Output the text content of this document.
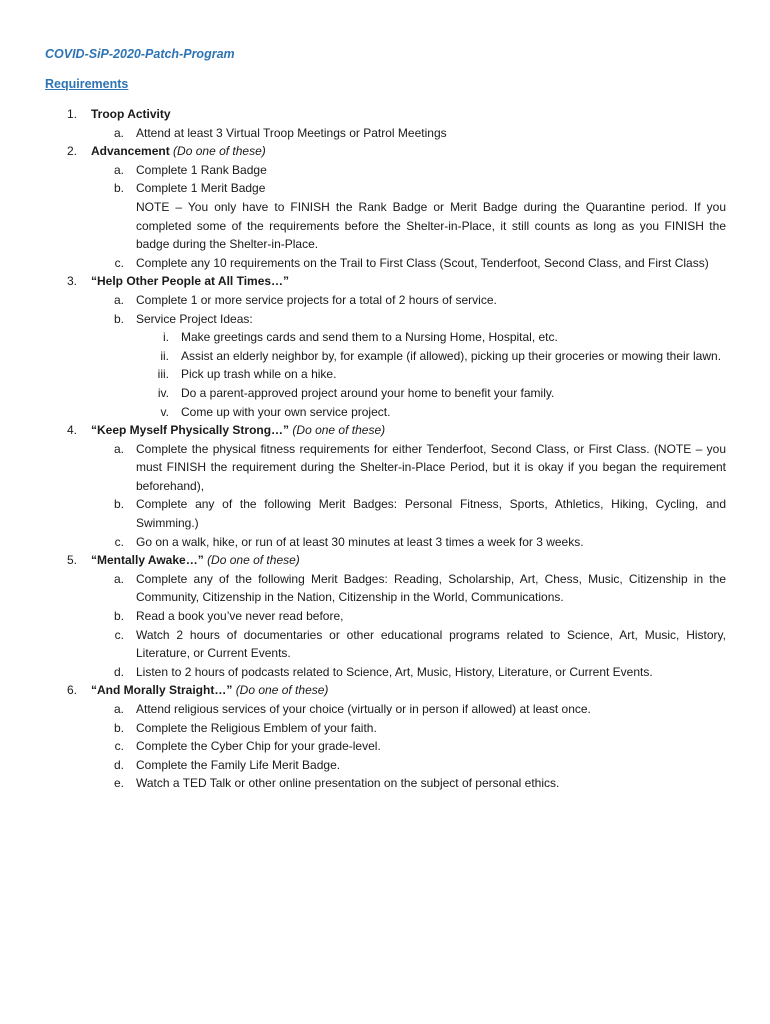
COVID-SiP-2020-Patch-Program
Requirements
1. Troop Activity
a. Attend at least 3 Virtual Troop Meetings or Patrol Meetings
2. Advancement (Do one of these)
a. Complete 1 Rank Badge
b. Complete 1 Merit Badge
NOTE – You only have to FINISH the Rank Badge or Merit Badge during the Quarantine period. If you completed some of the requirements before the Shelter-in-Place, it still counts as long as you FINISH the badge during the Shelter-in-Place.
c. Complete any 10 requirements on the Trail to First Class (Scout, Tenderfoot, Second Class, and First Class)
3. “Help Other People at All Times…”
a. Complete 1 or more service projects for a total of 2 hours of service.
b. Service Project Ideas:
i. Make greetings cards and send them to a Nursing Home, Hospital, etc.
ii. Assist an elderly neighbor by, for example (if allowed), picking up their groceries or mowing their lawn.
iii. Pick up trash while on a hike.
iv. Do a parent-approved project around your home to benefit your family.
v. Come up with your own service project.
4. “Keep Myself Physically Strong…” (Do one of these)
a. Complete the physical fitness requirements for either Tenderfoot, Second Class, or First Class. (NOTE – you must FINISH the requirement during the Shelter-in-Place Period, but it is okay if you began the requirement beforehand),
b. Complete any of the following Merit Badges: Personal Fitness, Sports, Athletics, Hiking, Cycling, and Swimming.)
c. Go on a walk, hike, or run of at least 30 minutes at least 3 times a week for 3 weeks.
5. “Mentally Awake…” (Do one of these)
a. Complete any of the following Merit Badges: Reading, Scholarship, Art, Chess, Music, Citizenship in the Community, Citizenship in the Nation, Citizenship in the World, Communications.
b. Read a book you’ve never read before,
c. Watch 2 hours of documentaries or other educational programs related to Science, Art, Music, History, Literature, or Current Events.
d. Listen to 2 hours of podcasts related to Science, Art, Music, History, Literature, or Current Events.
6. “And Morally Straight…” (Do one of these)
a. Attend religious services of your choice (virtually or in person if allowed) at least once.
b. Complete the Religious Emblem of your faith.
c. Complete the Cyber Chip for your grade-level.
d. Complete the Family Life Merit Badge.
e. Watch a TED Talk or other online presentation on the subject of personal ethics.
